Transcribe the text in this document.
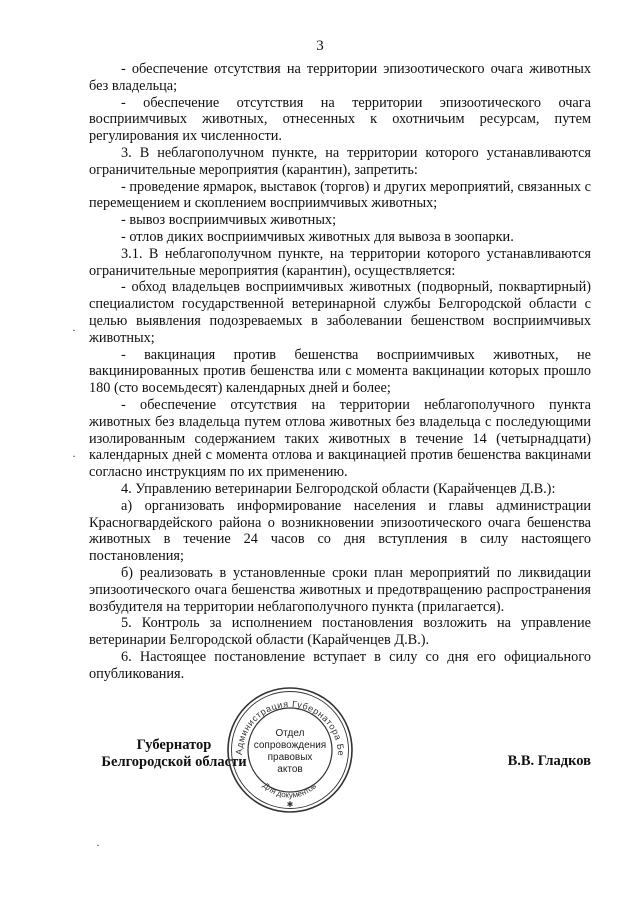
3

- обеспечение отсутствия на территории эпизоотического очага животных без владельца;

- обеспечение отсутствия на территории эпизоотического очага восприимчивых животных, отнесенных к охотничьим ресурсам, путем регулирования их численности.

3. В неблагополучном пункте, на территории которого устанавливаются ограничительные мероприятия (карантин), запретить:

- проведение ярмарок, выставок (торгов) и других мероприятий, связанных с перемещением и скоплением восприимчивых животных;

- вывоз восприимчивых животных;

- отлов диких восприимчивых животных для вывоза в зоопарки.

3.1. В неблагополучном пункте, на территории которого устанавливаются ограничительные мероприятия (карантин), осуществляется:

- обход владельцев восприимчивых животных (подворный, поквартирный) специалистом государственной ветеринарной службы Белгородской области с целью выявления подозреваемых в заболевании бешенством восприимчивых животных;

- вакцинация против бешенства восприимчивых животных, не вакцинированных против бешенства или с момента вакцинации которых прошло 180 (сто восемьдесят) календарных дней и более;

- обеспечение отсутствия на территории неблагополучного пункта животных без владельца путем отлова животных без владельца с последующими изолированным содержанием таких животных в течение 14 (четырнадцати) календарных дней с момента отлова и вакцинацией против бешенства вакцинами согласно инструкциям по их применению.

4. Управлению ветеринарии Белгородской области (Карайченцев Д.В.):

а) организовать информирование населения и главы администрации Красногвардейского района о возникновении эпизоотического очага бешенства животных в течение 24 часов со дня вступления в силу настоящего постановления;

б) реализовать в установленные сроки план мероприятий по ликвидации эпизоотического очага бешенства животных и предотвращению распространения возбудителя на территории неблагополучного пункта (прилагается).

5. Контроль за исполнением постановления возложить на управление ветеринарии Белгородской области (Карайченцев Д.В.).

6. Настоящее постановление вступает в силу со дня его официального опубликования.

·
·
Губернатор
Белгородской области	В.В. Гладков
Администрация Губернатора Бе
Для документов
✱
Отдел
сопровождения
правовых
актов
·
